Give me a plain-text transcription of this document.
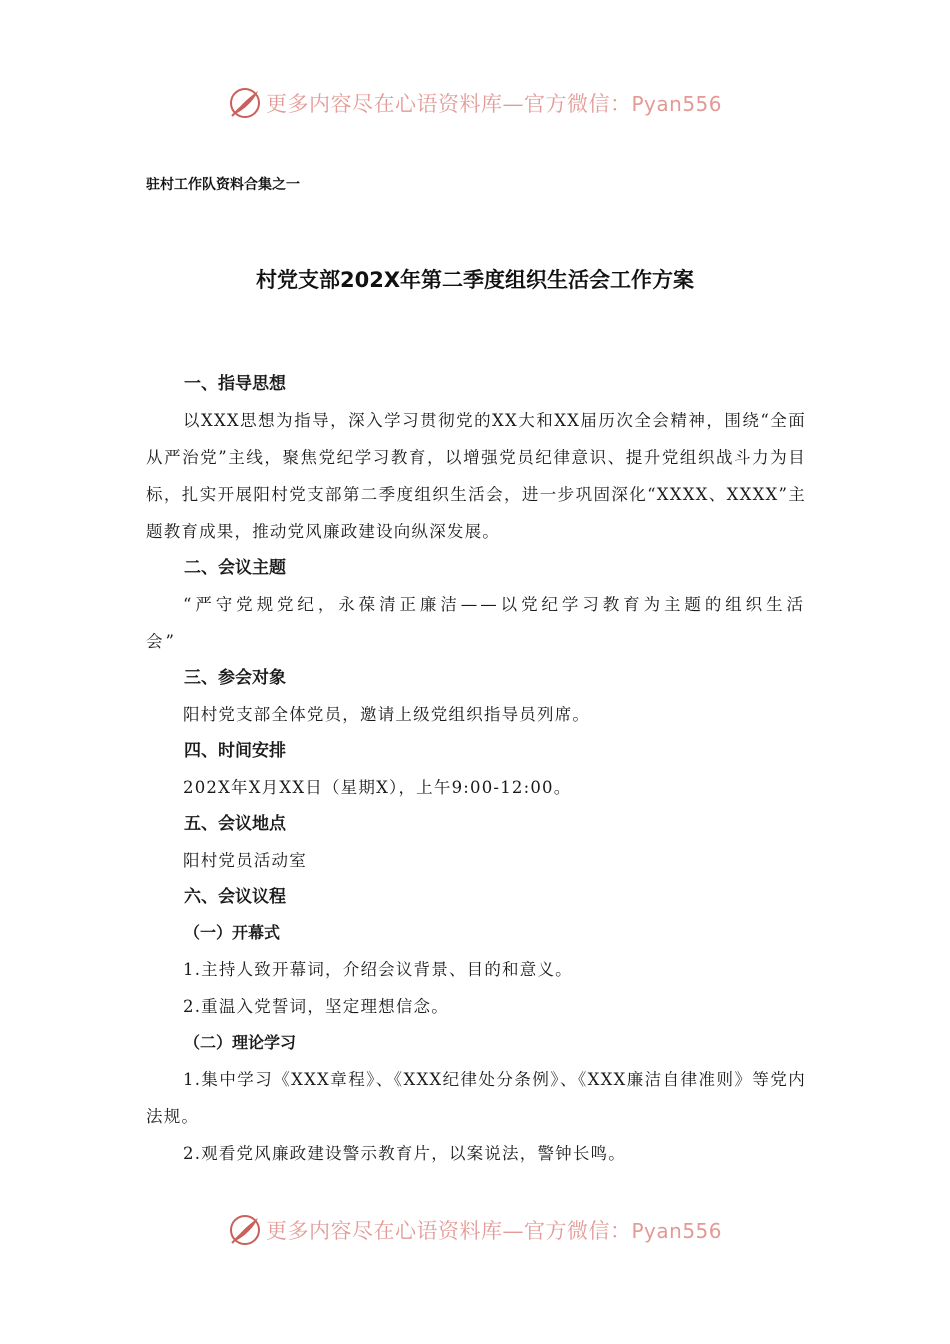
更多内容尽在心语资料库—官方微信：Pyan556
驻村工作队资料合集之一
村党支部202X年第二季度组织生活会工作方案
一、指导思想

以XXX思想为指导，深入学习贯彻党的XX大和XX届历次全会精神，围绕“全面从严治党”主线，聚焦党纪学习教育，以增强党员纪律意识、提升党组织战斗力为目标，扎实开展阳村党支部第二季度组织生活会，进一步巩固深化“XXXX、XXXX”主题教育成果，推动党风廉政建设向纵深发展。

二、会议主题

“严守党规党纪，永葆清正廉洁——以党纪学习教育为主题的组织生活会”

三、参会对象

阳村党支部全体党员，邀请上级党组织指导员列席。

四、时间安排

202X年X月XX日（星期X），上午9:00-12:00。

五、会议地点

阳村党员活动室

六、会议议程
（一）开幕式

1.主持人致开幕词，介绍会议背景、目的和意义。

2.重温入党誓词，坚定理想信念。

（二）理论学习

1.集中学习《XXX章程》、《XXX纪律处分条例》、《XXX廉洁自律准则》等党内法规。

2.观看党风廉政建设警示教育片，以案说法，警钟长鸣。

更多内容尽在心语资料库—官方微信：Pyan556
